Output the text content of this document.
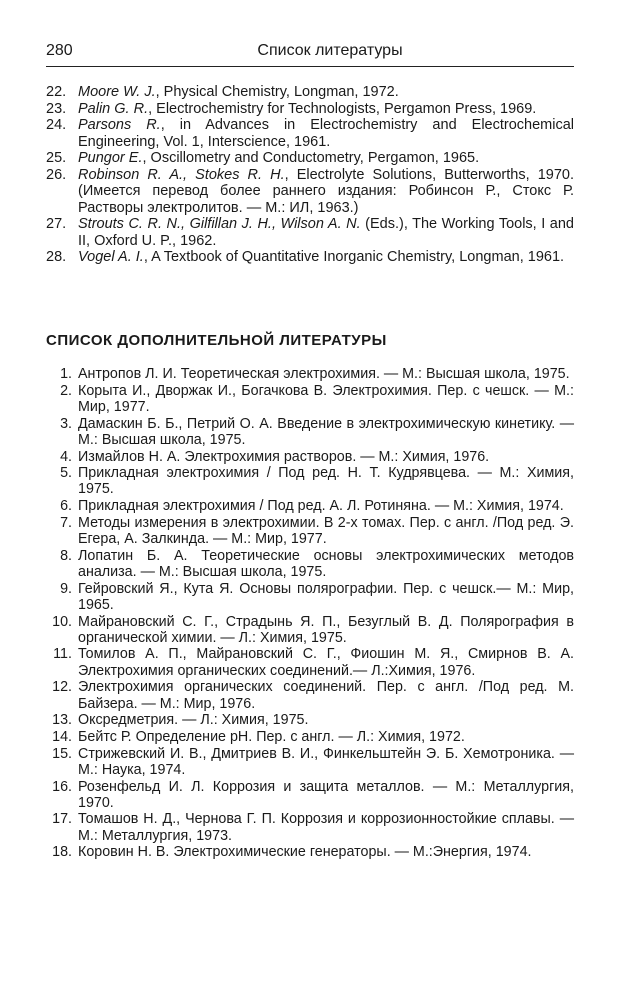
280	Список литературы
22. Moore W. J., Physical Chemistry, Longman, 1972.
23. Palin G. R., Electrochemistry for Technologists, Pergamon Press, 1969.
24. Parsons R., in Advances in Electrochemistry and Electrochemical Engineering, Vol. 1, Interscience, 1961.
25. Pungor E., Oscillometry and Conductometry, Pergamon, 1965.
26. Robinson R. A., Stokes R. H., Electrolyte Solutions, Butterworths, 1970. (Имеется перевод более раннего издания: Робинсон Р., Стокс Р. Растворы электролитов. — М.: ИЛ, 1963.)
27. Strouts C. R. N., Gilfillan J. H., Wilson A. N. (Eds.), The Working Tools, I and II, Oxford U. P., 1962.
28. Vogel A. I., A Textbook of Quantitative Inorganic Chemistry, Longman, 1961.
СПИСОК ДОПОЛНИТЕЛЬНОЙ ЛИТЕРАТУРЫ
1. Антропов Л. И. Теоретическая электрохимия. — М.: Высшая школа, 1975.
2. Корыта И., Дворжак И., Богачкова В. Электрохимия. Пер. с чешск. — М.: Мир, 1977.
3. Дамаскин Б. Б., Петрий О. А. Введение в электрохимическую кинетику. — М.: Высшая школа, 1975.
4. Измайлов Н. А. Электрохимия растворов. — М.: Химия, 1976.
5. Прикладная электрохимия / Под ред. Н. Т. Кудрявцева. — М.: Химия, 1975.
6. Прикладная электрохимия / Под ред. А. Л. Ротиняна. — М.: Химия, 1974.
7. Методы измерения в электрохимии. В 2-х томах. Пер. с англ. /Под ред. Э. Егера, А. Залкинда. — М.: Мир, 1977.
8. Лопатин Б. А. Теоретические основы электрохимических методов анализа. — М.: Высшая школа, 1975.
9. Гейровский Я., Кута Я. Основы полярографии. Пер. с чешск.— М.: Мир, 1965.
10. Майрановский С. Г., Страдынь Я. П., Безуглый В. Д. Полярография в органической химии. — Л.: Химия, 1975.
11. Томилов А. П., Майрановский С. Г., Фиошин М. Я., Смирнов В. А. Электрохимия органических соединений.— Л.:Химия, 1976.
12. Электрохимия органических соединений. Пер. с англ. /Под ред. М. Байзера. — М.: Мир, 1976.
13. Оксредметрия. — Л.: Химия, 1975.
14. Бейтс Р. Определение pH. Пер. с англ. — Л.: Химия, 1972.
15. Стрижевский И. В., Дмитриев В. И., Финкельштейн Э. Б. Хемотроника. — М.: Наука, 1974.
16. Розенфельд И. Л. Коррозия и защита металлов. — М.: Металлургия, 1970.
17. Томашов Н. Д., Чернова Г. П. Коррозия и коррозионностойкие сплавы. — М.: Металлургия, 1973.
18. Коровин Н. В. Электрохимические генераторы. — М.:Энергия, 1974.
